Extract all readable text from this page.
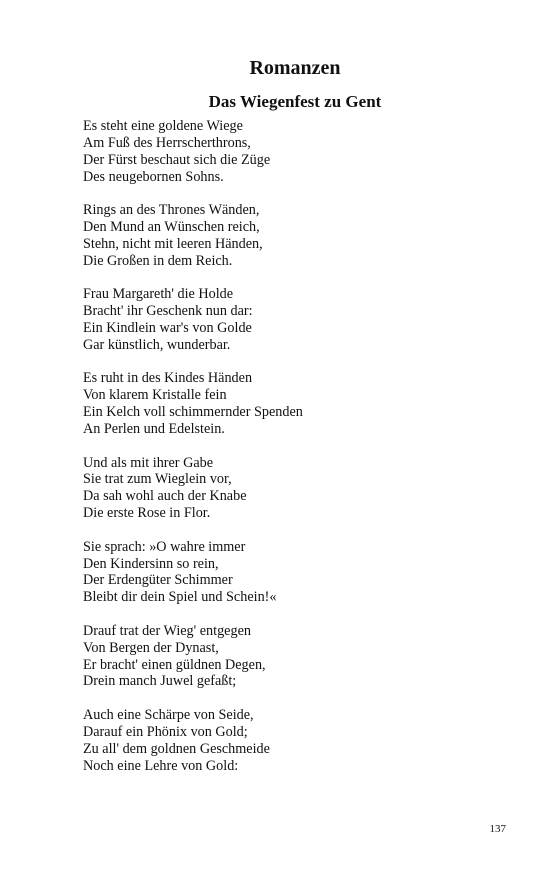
Romanzen
Das Wiegenfest zu Gent
Es steht eine goldene Wiege
Am Fuß des Herrscherthrons,
Der Fürst beschaut sich die Züge
Des neugebornen Sohns.
Rings an des Thrones Wänden,
Den Mund an Wünschen reich,
Stehn, nicht mit leeren Händen,
Die Großen in dem Reich.
Frau Margareth' die Holde
Bracht' ihr Geschenk nun dar:
Ein Kindlein war's von Golde
Gar künstlich, wunderbar.
Es ruht in des Kindes Händen
Von klarem Kristalle fein
Ein Kelch voll schimmernder Spenden
An Perlen und Edelstein.
Und als mit ihrer Gabe
Sie trat zum Wieglein vor,
Da sah wohl auch der Knabe
Die erste Rose in Flor.
Sie sprach: »O wahre immer
Den Kindersinn so rein,
Der Erdengüter Schimmer
Bleibt dir dein Spiel und Schein!«
Drauf trat der Wieg' entgegen
Von Bergen der Dynast,
Er bracht' einen güldnen Degen,
Drein manch Juwel gefaßt;
Auch eine Schärpe von Seide,
Darauf ein Phönix von Gold;
Zu all' dem goldnen Geschmeide
Noch eine Lehre von Gold:
137
